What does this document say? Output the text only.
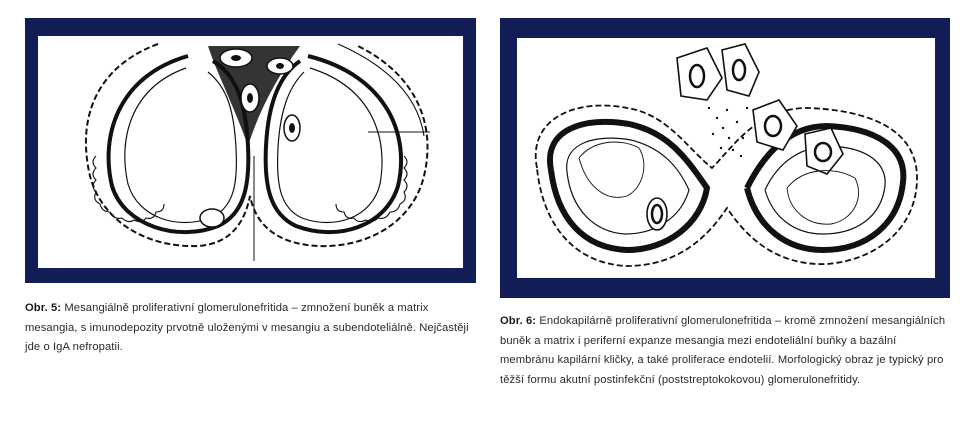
Obr. 5: Mesangiálně proliferativní glomerulonefritida – zmnožení buněk a matrix mesangia, s imunodepozity prvotně uloženými v mesangiu a subendoteliálně. Nejčastěji jde o IgA nefropatii.
Obr. 6: Endokapilárně proliferativní glomerulonefritida – kromě zmnožení mesangiálních buněk a matrix i periferní expanze mesangia mezi endoteliální buňky a bazální membránu kapilární kličky, a také proliferace endotelií. Morfologický obraz je typický pro těžší formu akutní postinfekční (poststreptokokovou) glomerulonefritidy.
